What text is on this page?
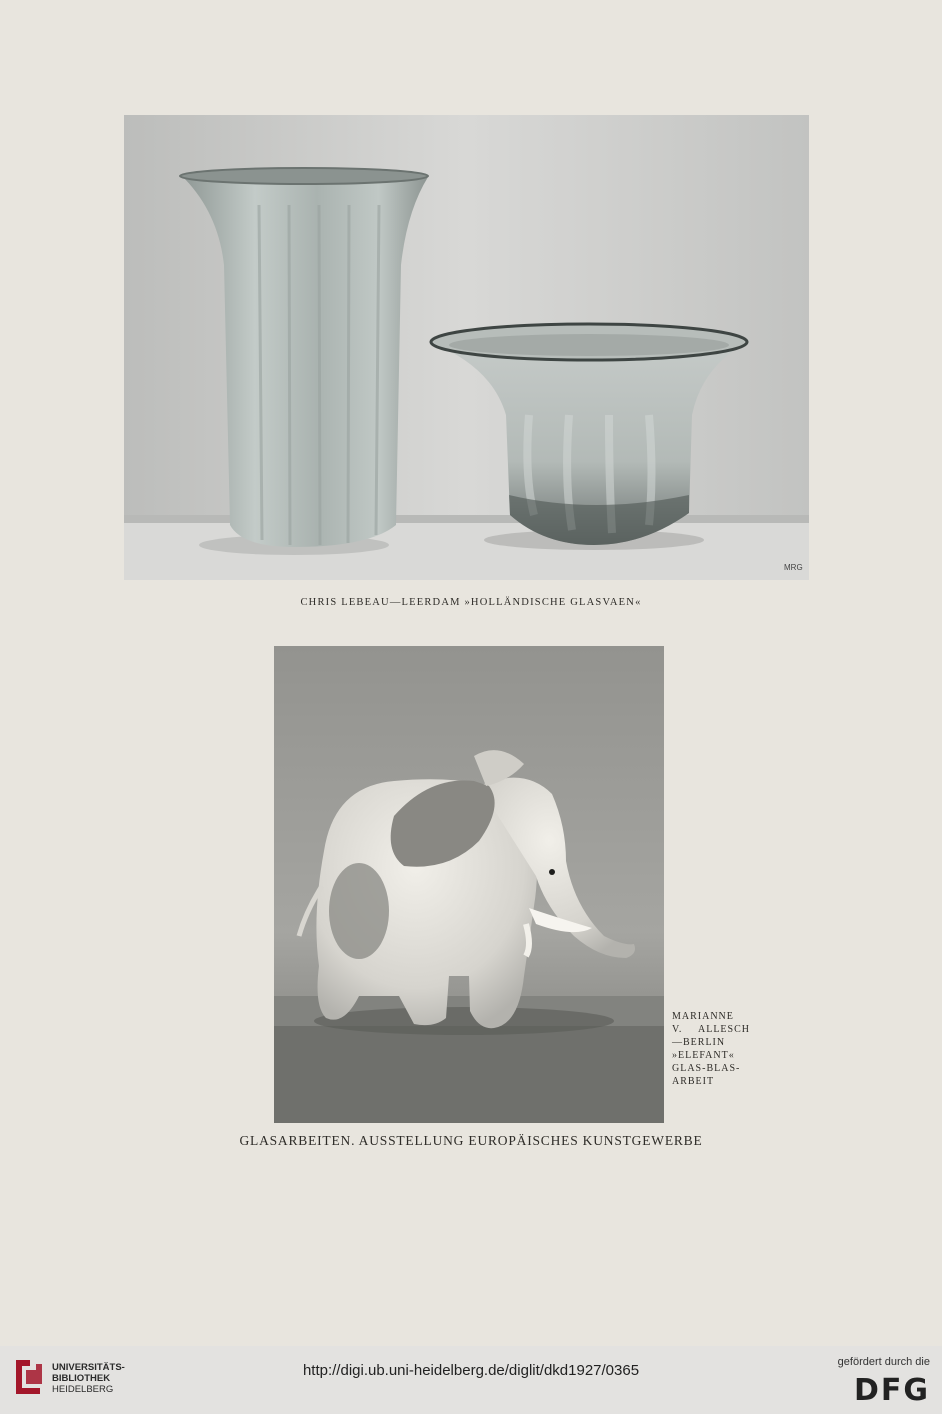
MRG
CHRIS LEBEAU—LEERDAM »HOLLÄNDISCHE GLASVAEN«
MARIANNE
V. ALLESCH
—BERLIN
»ELEFANT«
GLAS-BLAS-
ARBEIT
GLASARBEITEN. AUSSTELLUNG EUROPÄISCHES KUNSTGEWERBE
UNIVERSITÄTS-
BIBLIOTHEK
HEIDELBERG
http://digi.ub.uni-heidelberg.de/diglit/dkd1927/0365	gefördert durch die
DFG
